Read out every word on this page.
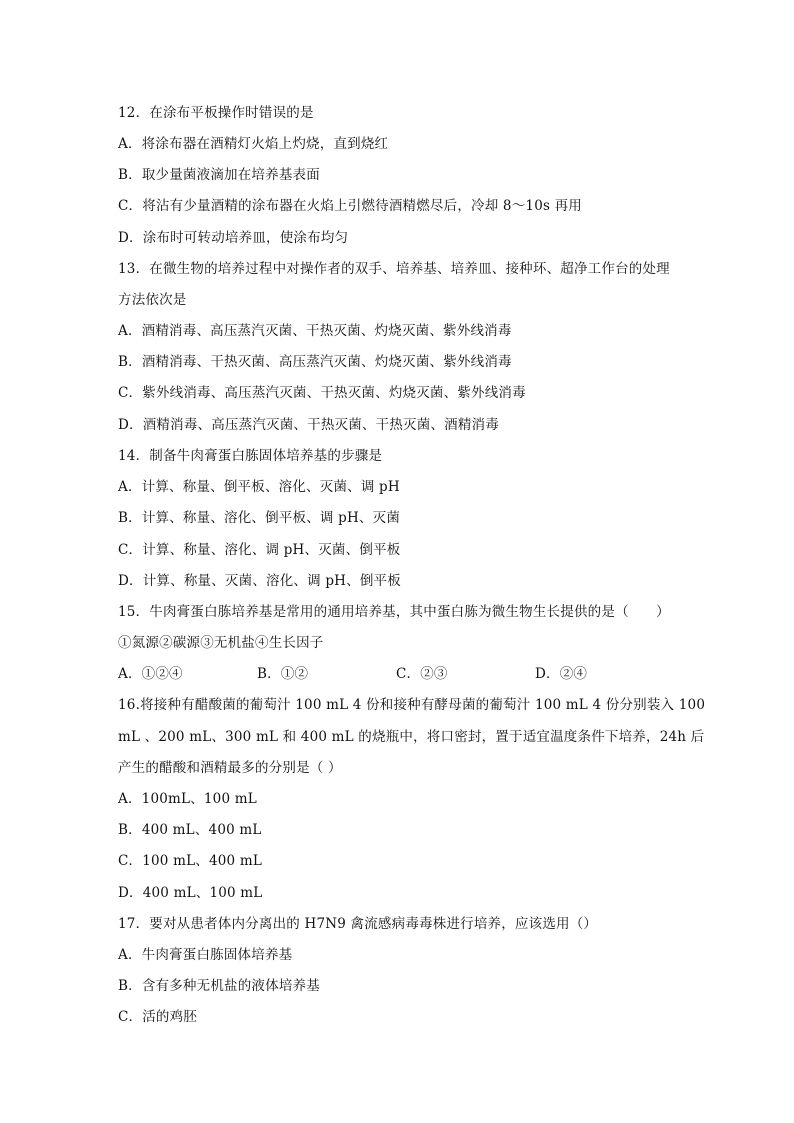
12．在涂布平板操作时错误的是
A．将涂布器在酒精灯火焰上灼烧，直到烧红
B．取少量菌液滴加在培养基表面
C．将沾有少量酒精的涂布器在火焰上引燃待酒精燃尽后，冷却 8～10s 再用
D．涂布时可转动培养皿，使涂布均匀
13．在微生物的培养过程中对操作者的双手、培养基、培养皿、接种环、超净工作台的处理
方法依次是
A．酒精消毒、高压蒸汽灭菌、干热灭菌、灼烧灭菌、紫外线消毒
B．酒精消毒、干热灭菌、高压蒸汽灭菌、灼烧灭菌、紫外线消毒
C．紫外线消毒、高压蒸汽灭菌、干热灭菌、灼烧灭菌、紫外线消毒
D．酒精消毒、高压蒸汽灭菌、干热灭菌、干热灭菌、酒精消毒
14．制备牛肉膏蛋白胨固体培养基的步骤是
A．计算、称量、倒平板、溶化、灭菌、调 pH
B．计算、称量、溶化、倒平板、调 pH、灭菌
C．计算、称量、溶化、调 pH、灭菌、倒平板
D．计算、称量、灭菌、溶化、调 pH、倒平板
15．牛肉膏蛋白胨培养基是常用的通用培养基，其中蛋白胨为微生物生长提供的是（　　）
①氮源②碳源③无机盐④生长因子
A．①②④	B．①②	C．②③	D．②④
16.将接种有醋酸菌的葡萄汁 100 mL 4 份和接种有酵母菌的葡萄汁 100 mL 4 份分别装入 100
mL 、200 mL、300 mL 和 400 mL 的烧瓶中，将口密封，置于适宜温度条件下培养，24h 后
产生的醋酸和酒精最多的分别是（ ）
A．100mL、100 mL
B．400 mL、400 mL
C．100 mL、400 mL
D．400 mL、100 mL
17．要对从患者体内分离出的 H7N9 禽流感病毒毒株进行培养，应该选用（）
A．牛肉膏蛋白胨固体培养基
B．含有多种无机盐的液体培养基
C．活的鸡胚
